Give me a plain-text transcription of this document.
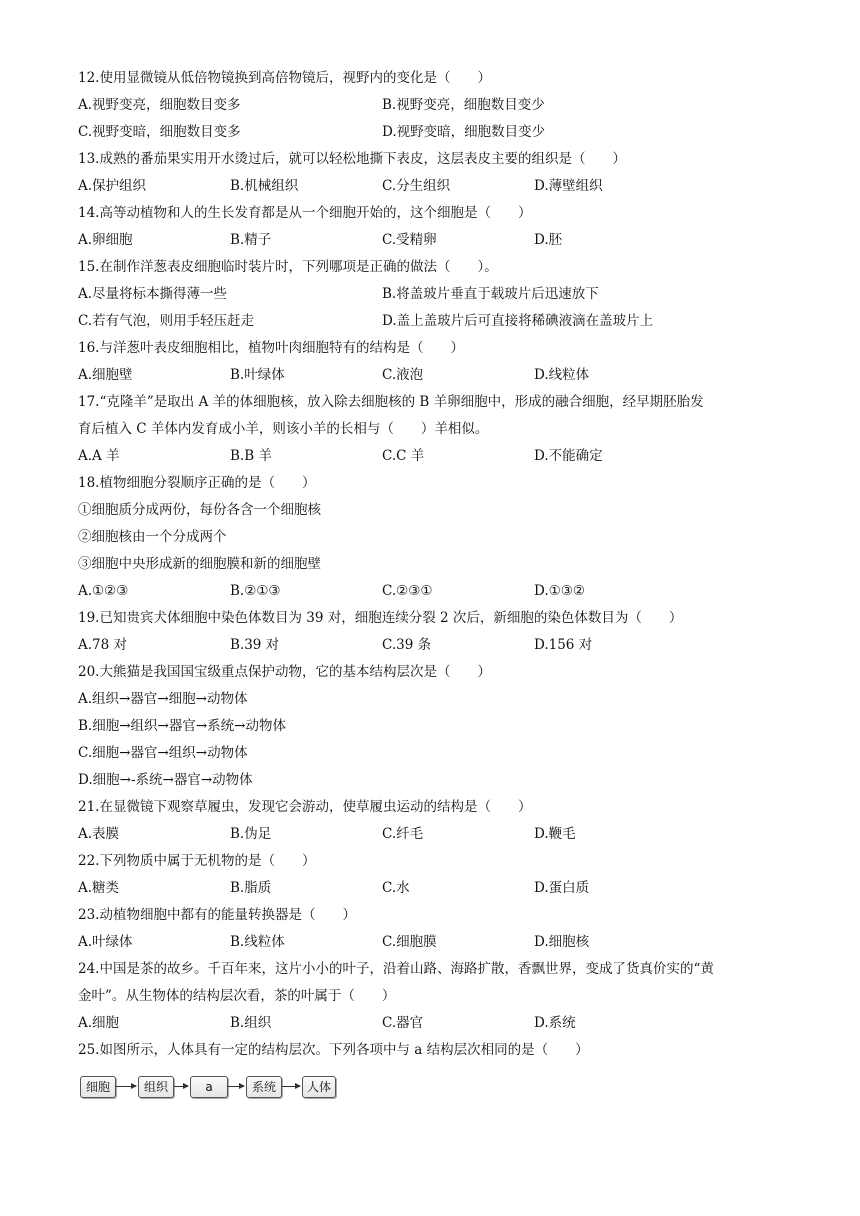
12.使用显微镜从低倍物镜换到高倍物镜后，视野内的变化是（　　）
A.视野变亮，细胞数目变多	B.视野变亮，细胞数目变少
C.视野变暗，细胞数目变多	D.视野变暗，细胞数目变少
13.成熟的番茄果实用开水烫过后，就可以轻松地撕下表皮，这层表皮主要的组织是（　　）
A.保护组织	B.机械组织	C.分生组织	D.薄壁组织
14.高等动植物和人的生长发育都是从一个细胞开始的，这个细胞是（　　）
A.卵细胞	B.精子	C.受精卵	D.胚
15.在制作洋葱表皮细胞临时装片时，下列哪项是正确的做法（　　）。
A.尽量将标本撕得薄一些	B.将盖玻片垂直于载玻片后迅速放下
C.若有气泡，则用手轻压赶走	D.盖上盖玻片后可直接将稀碘液滴在盖玻片上
16.与洋葱叶表皮细胞相比，植物叶肉细胞特有的结构是（　　）
A.细胞壁	B.叶绿体	C.液泡	D.线粒体
17.“克隆羊”是取出 A 羊的体细胞核，放入除去细胞核的 B 羊卵细胞中，形成的融合细胞，经早期胚胎发
育后植入 C 羊体内发育成小羊，则该小羊的长相与（　　）羊相似。
A.A 羊	B.B 羊	C.C 羊	D.不能确定
18.植物细胞分裂顺序正确的是（　　）
①细胞质分成两份，每份各含一个细胞核
②细胞核由一个分成两个
③细胞中央形成新的细胞膜和新的细胞壁
A.①②③	B.②①③	C.②③①	D.①③②
19.已知贵宾犬体细胞中染色体数目为 39 对，细胞连续分裂 2 次后，新细胞的染色体数目为（　　）
A.78 对	B.39 对	C.39 条	D.156 对
20.大熊猫是我国国宝级重点保护动物，它的基本结构层次是（　　）
A.组织→器官→细胞→动物体
B.细胞→组织→器官→系统→动物体
C.细胞→器官→组织→动物体
D.细胞→-系统→器官→动物体
21.在显微镜下观察草履虫，发现它会游动，使草履虫运动的结构是（　　）
A.表膜	B.伪足	C.纤毛	D.鞭毛
22.下列物质中属于无机物的是（　　）
A.糖类	B.脂质	C.水	D.蛋白质
23.动植物细胞中都有的能量转换器是（　　）
A.叶绿体	B.线粒体	C.细胞膜	D.细胞核
24.中国是茶的故乡。千百年来，这片小小的叶子，沿着山路、海路扩散，香飘世界，变成了货真价实的“黄
金叶”。从生物体的结构层次看，茶的叶属于（　　）
A.细胞	B.组织	C.器官	D.系统
25.如图所示，人体具有一定的结构层次。下列各项中与 a 结构层次相同的是（　　）
细胞	组织	a	系统	人体
